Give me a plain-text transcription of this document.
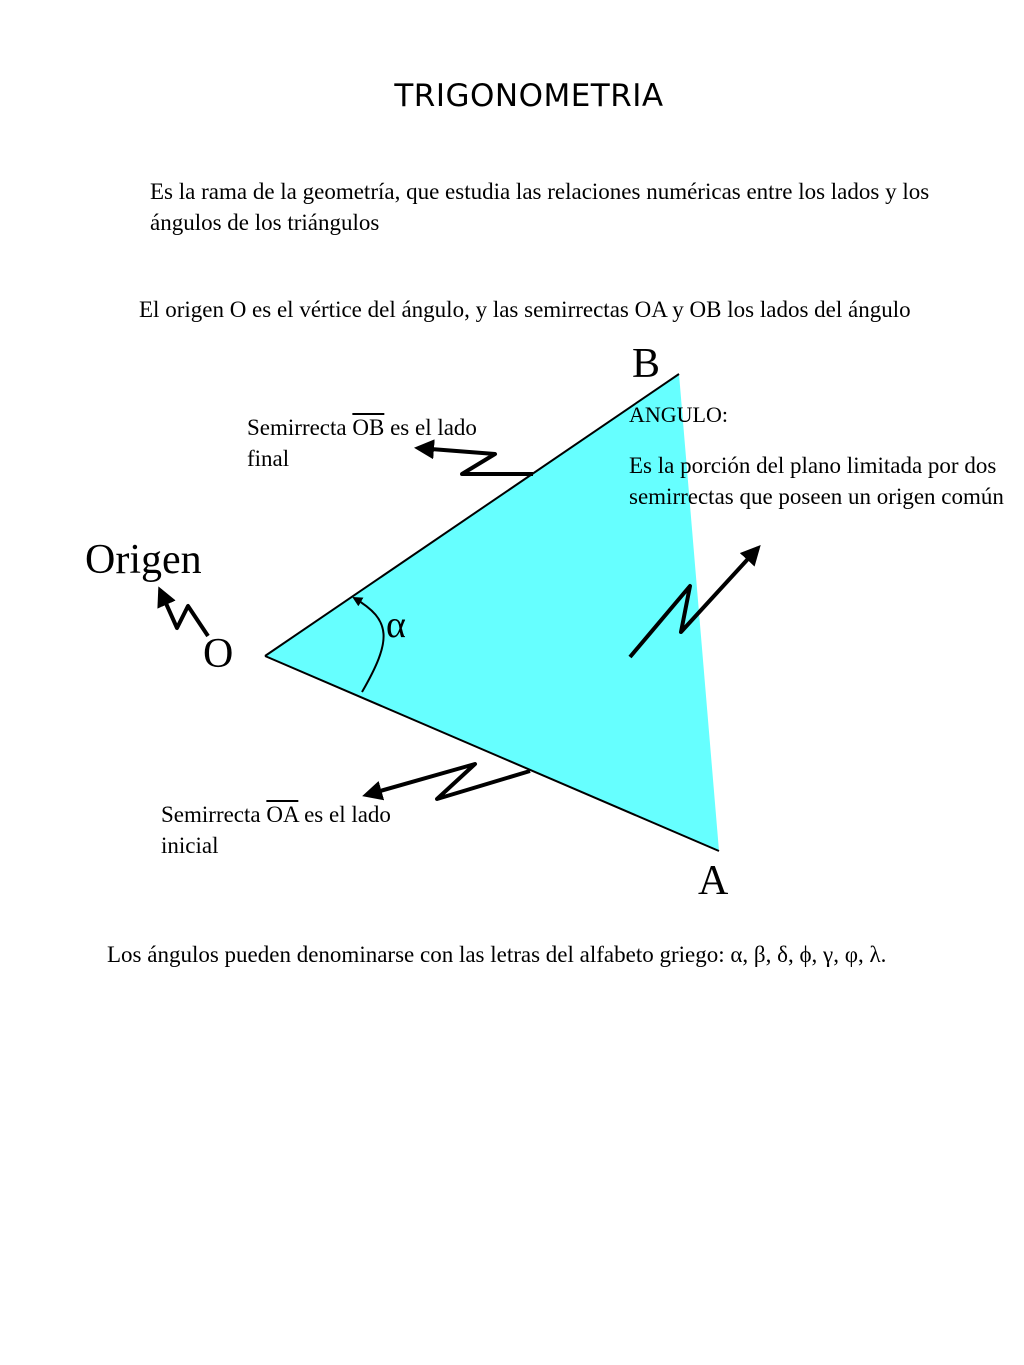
TRIGONOMETRIA
Es la rama de la geometría, que estudia las relaciones numéricas entre los lados y los ángulos de los triángulos
El origen O es el vértice del ángulo, y las semirrectas OA y OB los lados del ángulo
B
A
Origen
O
α
ANGULO:
Es la porción del plano limitada por dos semirrectas que poseen un origen común
Semirrecta $\overline{OB}$ es el lado final
Semirrecta $\overline{OA}$ es el lado inicial
Los ángulos pueden denominarse con las letras del alfabeto griego: α, β, δ, ϕ, γ, φ, λ.
